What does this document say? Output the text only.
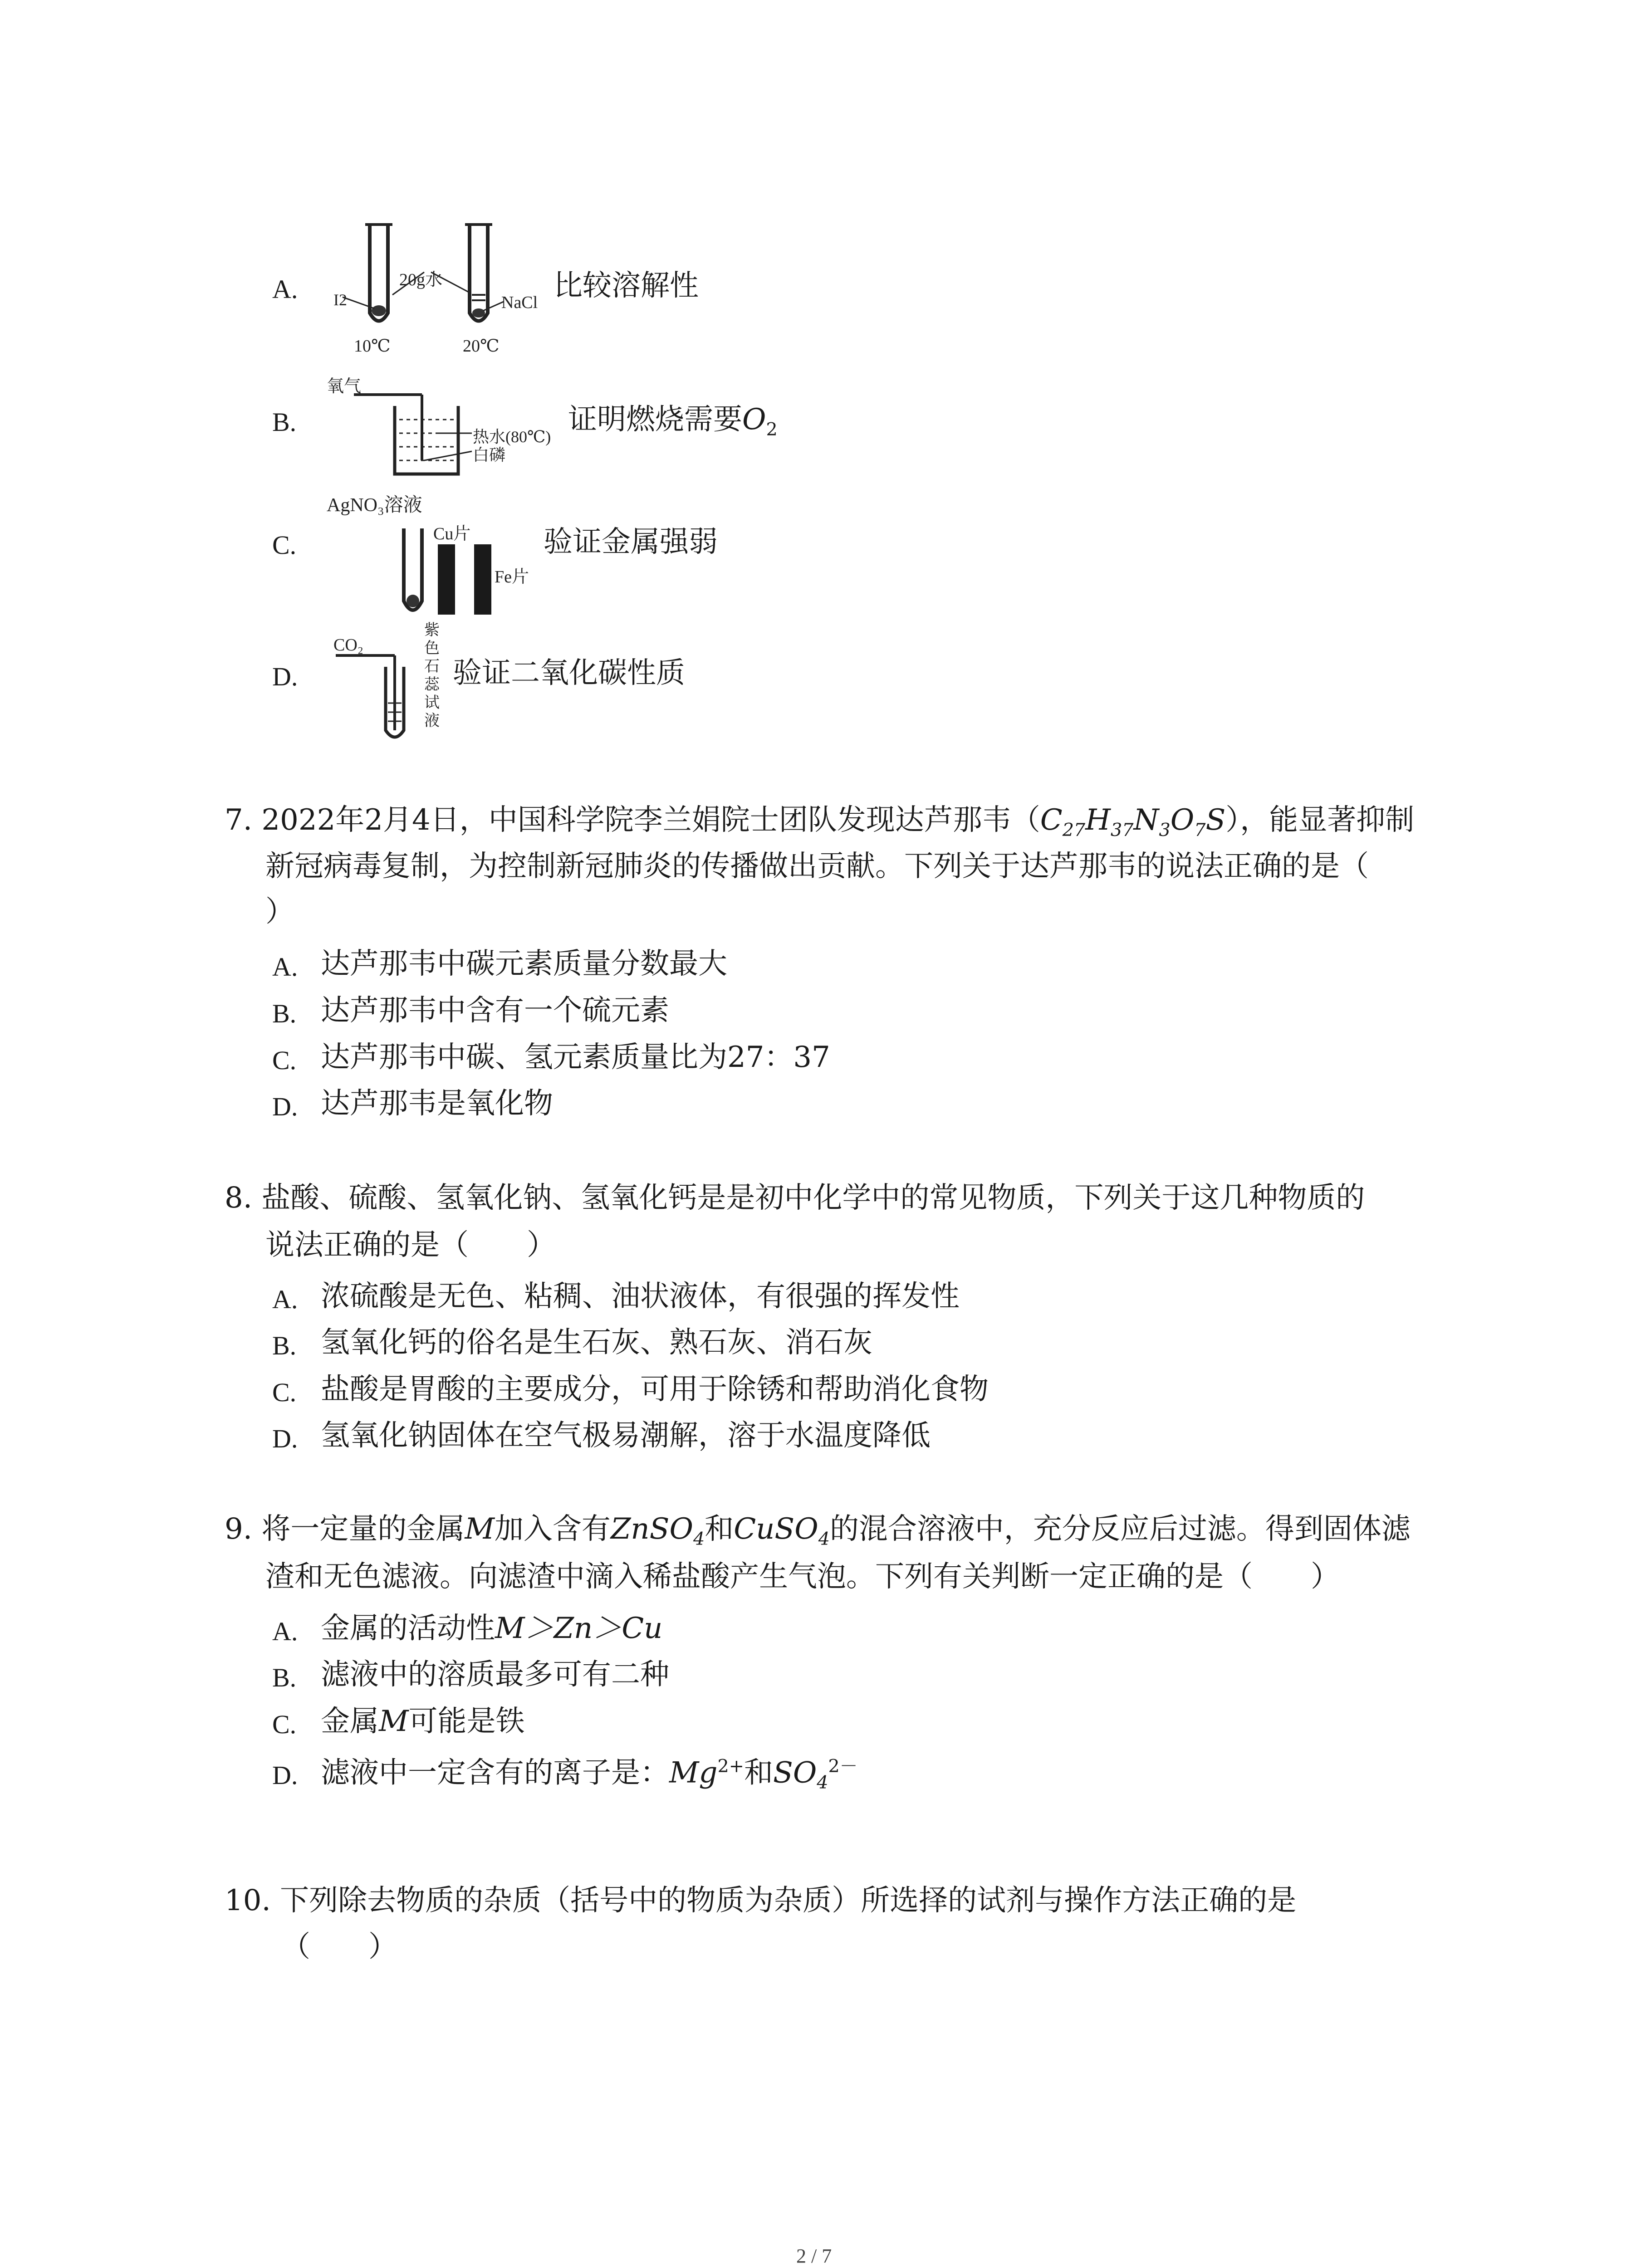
A. I2
20g水
NaCl
10℃	20℃
比较溶解性
B.
氧气
热水(80℃)
白磷
证明燃烧需要$O_2$
AgNO₃溶液
C.	Cu片
Fe片
验证金属强弱
D.
CO₂
紫
色
石
蕊
试
液
验证二氧化碳性质
7. 2022年2月4日，中国科学院李兰娟院士团队发现达芦那韦$(C_{27}H_{37}N_3O_7S)$，能显著抑制
新冠病毒复制，为控制新冠肺炎的传播做出贡献。下列关于达芦那韦的说法正确的是（
）
A. 达芦那韦中碳元素质量分数最大
B. 达芦那韦中含有一个硫元素
C. 达芦那韦中碳、氢元素质量比为27：37
D. 达芦那韦是氧化物
8. 盐酸、硫酸、氢氧化钠、氢氧化钙是是初中化学中的常见物质，下列关于这几种物质的
说法正确的是（　　）
A. 浓硫酸是无色、粘稠、油状液体，有很强的挥发性
B. 氢氧化钙的俗名是生石灰、熟石灰、消石灰
C. 盐酸是胃酸的主要成分，可用于除锈和帮助消化食物
D. 氢氧化钠固体在空气极易潮解，溶于水温度降低
9. 将一定量的金属M加入含有ZnSO$_4$和CuSO$_4$的混合溶液中，充分反应后过滤。得到固体滤
渣和无色滤液。向滤渣中滴入稀盐酸产生气泡。下列有关判断一定正确的是（　　）
A. 金属的活动性M＞Zn＞Cu
B. 滤液中的溶质最多可有二种
C. 金属M可能是铁
D. 滤液中一定含有的离子是：$Mg^{2+}$和$SO_4^{2-}$
10. 下列除去物质的杂质（括号中的物质为杂质）所选择的试剂与操作方法正确的是
（　　）
2 / 7
